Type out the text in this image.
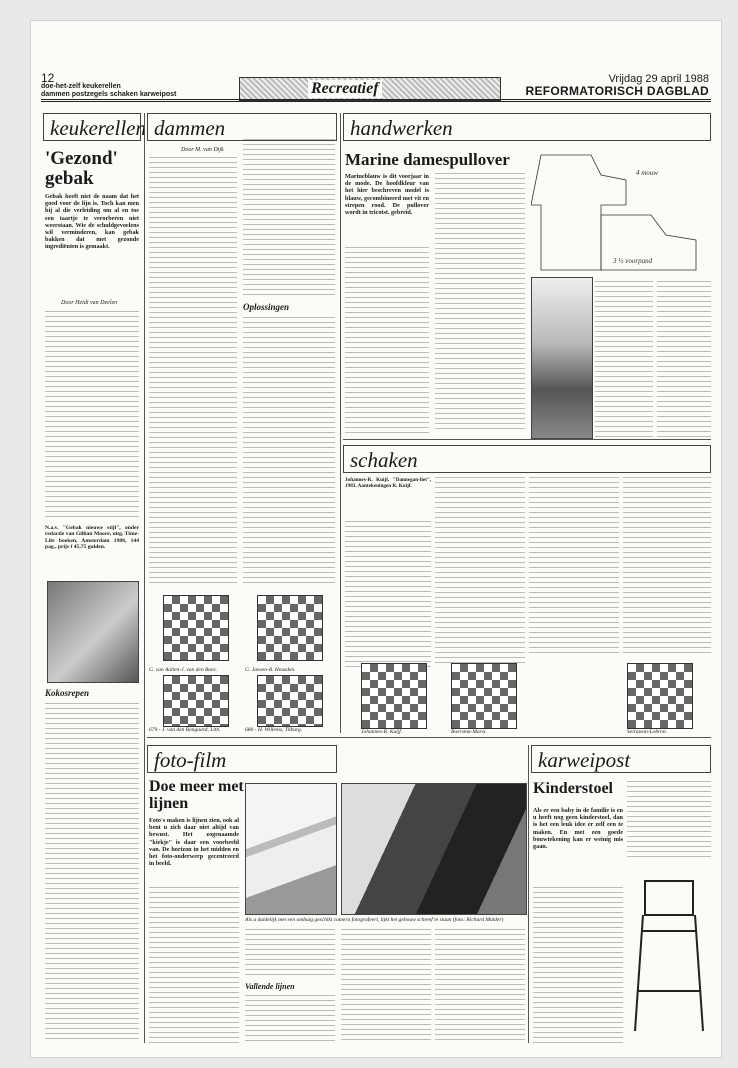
12
doe-het-zelf keukerellen
dammen postzegels schaken karweipost	Recreatief
Vrijdag 29 april 1988
REFORMATORISCH DAGBLAD
keukerellen dammen	handwerken
schaken
foto-film	karweipost
'Gezond' gebak
Gebak heeft niet de naam dat het goed voor de lijn is. Toch kan men bij al die verleiding om al en toe een taartje te verorberen niet weerstaan. Wie de schuldgevoelens wil verminderen, kan gebak bakken dat met gezonde ingrediënten is gemaakt.
Door Heidi van Deelen
N.a.v. "Gebak nieuwe stijl", onder redactie van Gillian Moore, uitg. Time-Life boeken, Amsterdam 1988, 144 pag., prijs f 45,75 gulden.
Kokosrepen
Door M. van Dijk
Oplossingen
G. van Aalten-J. van den Boez.	G. Jansen-R. Heusden.
679 - J. van den Bongaard, Lith.	680 - H. Willems, Tilburg.
Marine damespullover
Marineblauw is dit voorjaar in de mode. De hoofdkleur van het hier beschreven model is blauw, gecombineerd met vit en strepen rood. De pullover wordt in tricotst. gebreid.
4 mouw
3 ½ voorpand
Johannes-R. Kuijf, "Dannegan-liet", 1983. Aantekeningen R. Kuijf.
Johannes-R. Kuijf.	Boersma-Marsi.	Seirawan-Lobron.
Doe meer met lijnen
Foto's maken is lijnen zien, ook al bent u zich daar niet altijd van bewust. Het zogenaamde "kiekje" is daar een voorbeeld van. De horizon in het midden en het foto-onderwerp gecentreerd in beeld.
Als u duidelijk met een ombuig geschikt camera fotografeert, lijkt het gebouw schreef te staan (foto: Richard Mulder)
Vallende lijnen
Kinderstoel
Als er een baby in de familie is en u heeft nog geen kinderstoel, dan is het een leuk idee er zelf een te maken. En met een goede bouwtekening kan er weinig mis gaan.
